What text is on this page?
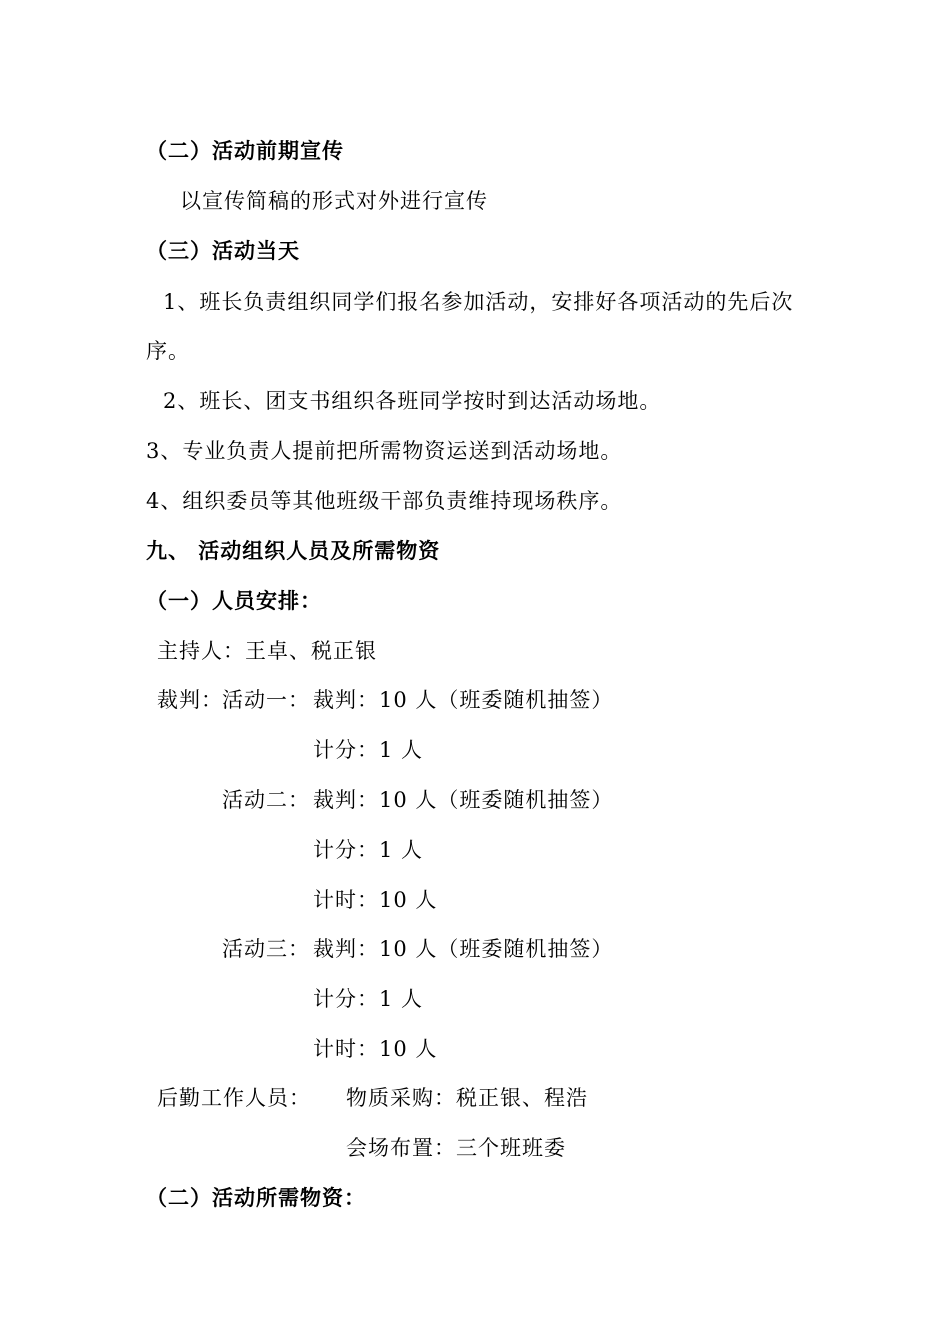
（二）活动前期宣传
以宣传简稿的形式对外进行宣传
（三）活动当天
1、班长负责组织同学们报名参加活动，安排好各项活动的先后次
序。
2、班长、团支书组织各班同学按时到达活动场地。
3、专业负责人提前把所需物资运送到活动场地。
4、组织委员等其他班级干部负责维持现场秩序。
九、 活动组织人员及所需物资
（一）人员安排：
主持人：王卓、税正银
裁判： 活动一： 裁判：10 人（班委随机抽签）
计分：1 人
活动二： 裁判：10 人（班委随机抽签）
计分：1 人
计时：10 人
活动三： 裁判：10 人（班委随机抽签）
计分：1 人
计时：10 人
后勤工作人员： 物质采购：税正银、程浩
会场布置：三个班班委
（二）活动所需物资：
